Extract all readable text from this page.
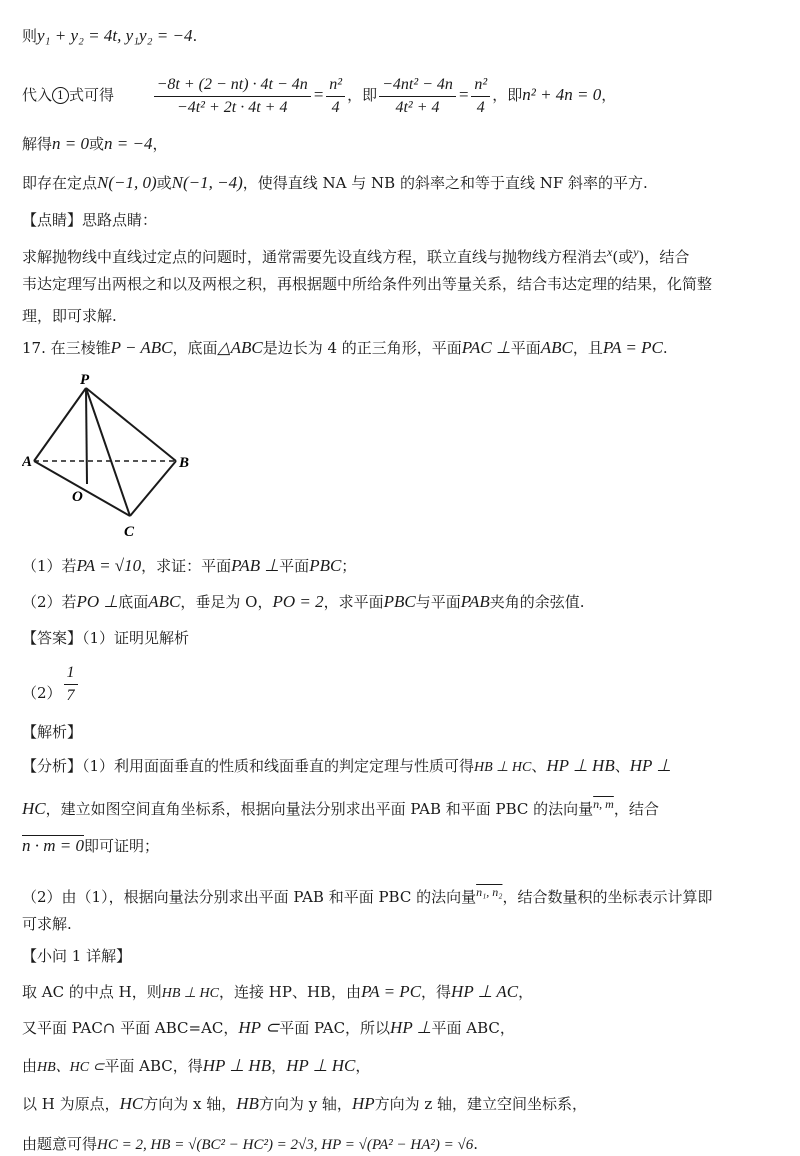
则y₁ + y₂ = 4t, y₁y₂ = −4.
代入 1 式可得 $\frac{-8t + (2 - nt) \cdot 4t - 4n}{\text{−4t² + 2t · 4t + 4}} = \frac{\text{n²}}{4}$ ，即 $\frac{\text{−4nt² − 4n}}{\text{4t² + 4}} = \frac{\text{n²}}{4}$ ，即n² + 4n = 0，
解得n = 0或n = −4，
即存在定点N(−1, 0)或N(−1, −4)，使得直线 NA 与 NB 的斜率之和等于直线 NF 斜率的平方.
【点睛】思路点睛：
求解抛物线中直线过定点的问题时，通常需要先设直线方程，联立直线与抛物线方程消去$^x$(或$^y$)，结合
韦达定理写出两根之和以及两根之积，再根据题中所给条件列出等量关系，结合韦达定理的结果，化简整
理，即可求解.
17. 在三棱锥P − ABC，底面△ABC是边长为 4 的正三角形，平面PAC ⊥平面ABC，且PA = PC.
P
A	B
O
C
（1）若PA = √10，求证：平面PAB ⊥平面PBC；
（2）若PO ⊥底面ABC，垂足为 O，PO = 2，求平面PBC与平面PAB夹角的余弦值.
【答案】（1）证明见解析
$(2) \frac{1}{7}$
【解析】
【分析】（1）利用面面垂直的性质和线面垂直的判定定理与性质可得HB ⊥ HC、HP ⊥ HB、HP ⊥
HC，建立如图空间直角坐标系，根据向量法分别求出平面 PAB 和平面 PBC 的法向量$^{n, m}$，结合
n · m = 0即可证明；
（2）由（1），根据向量法分别求出平面 PAB 和平面 PBC 的法向量$^{n_1, n_2}$，结合数量积的坐标表示计算即
可求解.
【小问 1 详解】
取 AC 的中点 H，则HB ⊥ HC，连接 HP、HB，由PA = PC，得HP ⊥ AC，
又平面 PAC∩ 平面 ABC=AC，HP ⊂平面 PAC，所以HP ⊥平面 ABC，
由HB、HC ⊂平面 ABC，得HP ⊥ HB，HP ⊥ HC，
以 H 为原点，HC方向为 x 轴，HB方向为 y 轴，HP方向为 z 轴，建立空间坐标系，
由题意可得HC = 2, HB = √(BC² − HC²) = 2√3, HP = √(PA² − HA²) = √6.
